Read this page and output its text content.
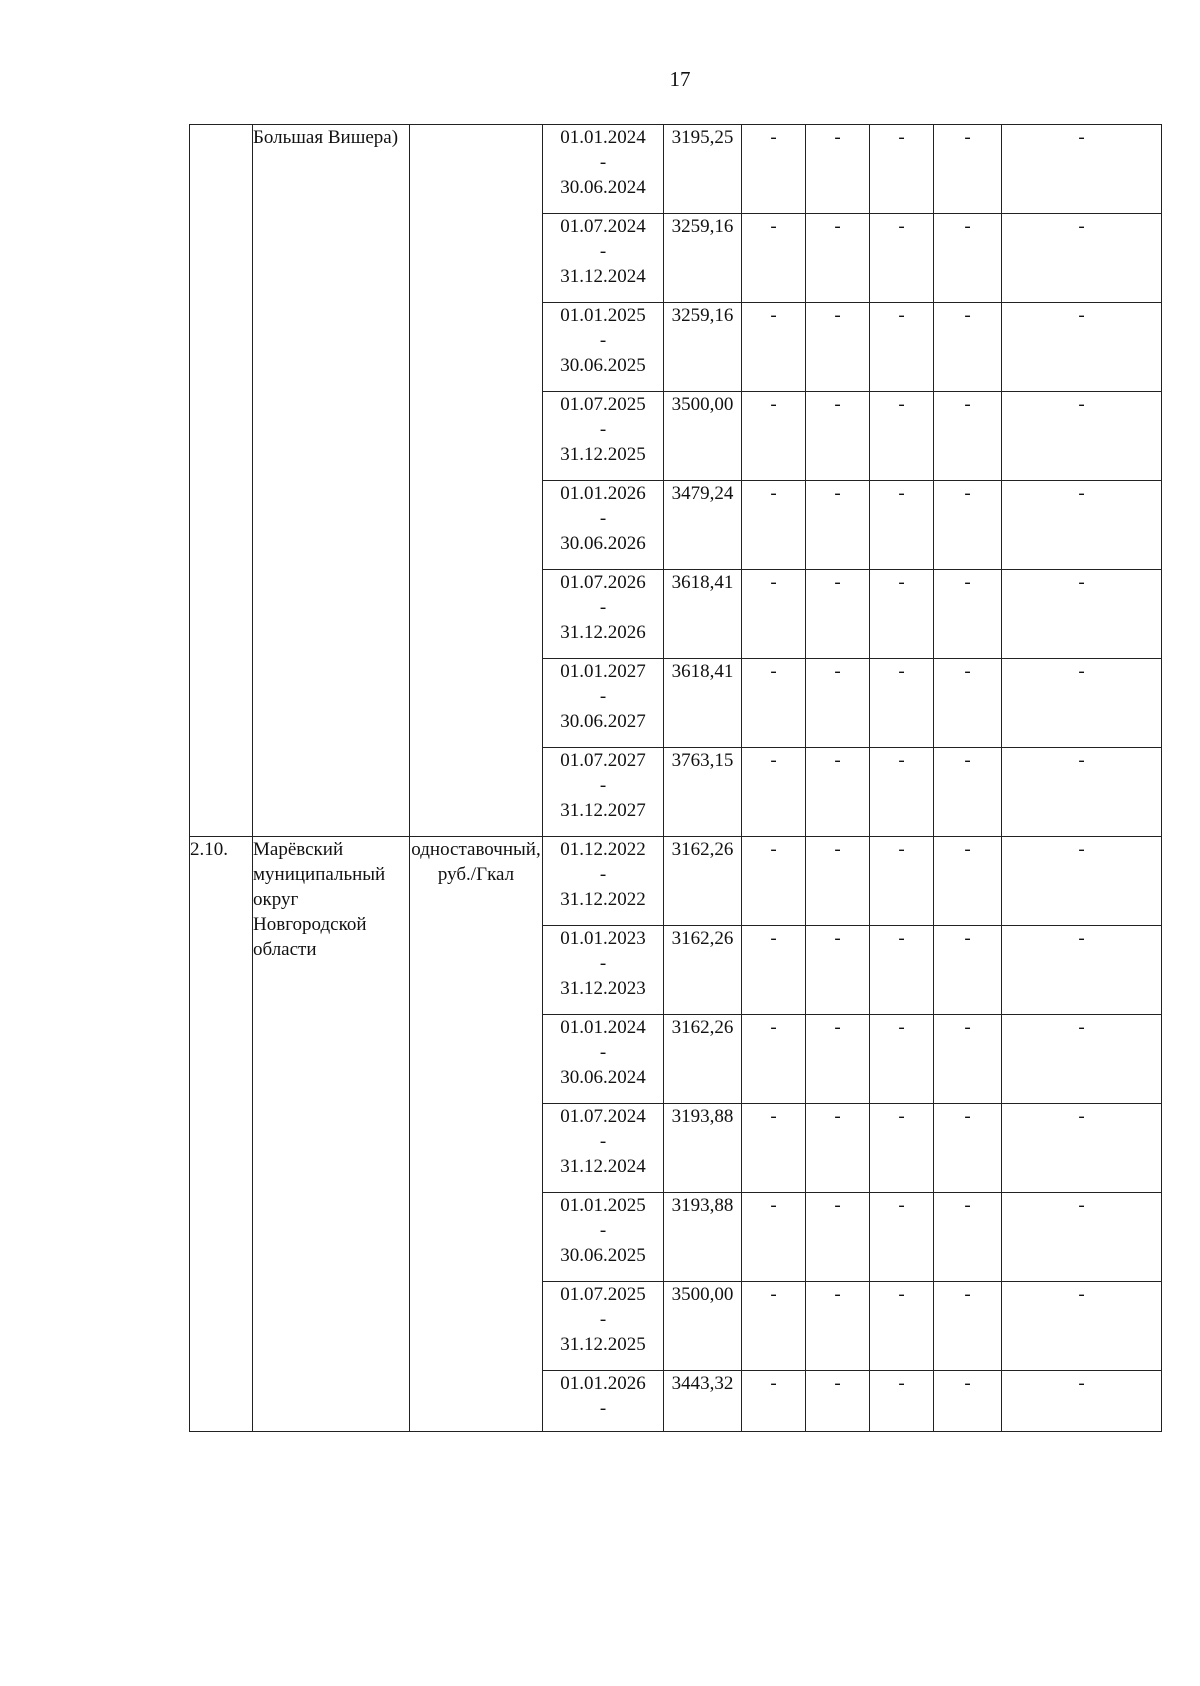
17
	Большая Вишера)		01.01.2024
-
30.06.2024	3195,25	-	-	-	-	-

			01.07.2024
-
31.12.2024	3259,16	-	-	-	-	-

			01.01.2025
-
30.06.2025	3259,16	-	-	-	-	-

			01.07.2025
-
31.12.2025	3500,00	-	-	-	-	-

			01.01.2026
-
30.06.2026	3479,24	-	-	-	-	-

			01.07.2026
-
31.12.2026	3618,41	-	-	-	-	-

			01.01.2027
-
30.06.2027	3618,41	-	-	-	-	-

			01.07.2027
-
31.12.2027	3763,15	-	-	-	-	-
2.10.	Марёвский муниципальный округ Новгородской области	одноставочный, руб./Гкал	01.12.2022
-
31.12.2022	3162,26	-	-	-	-	-

			01.01.2023
-
31.12.2023	3162,26	-	-	-	-	-

			01.01.2024
-
30.06.2024	3162,26	-	-	-	-	-

			01.07.2024
-
31.12.2024	3193,88	-	-	-	-	-

			01.01.2025
-
30.06.2025	3193,88	-	-	-	-	-

			01.07.2025
-
31.12.2025	3500,00	-	-	-	-	-

			01.01.2026
-	3443,32	-	-	-	-	-
